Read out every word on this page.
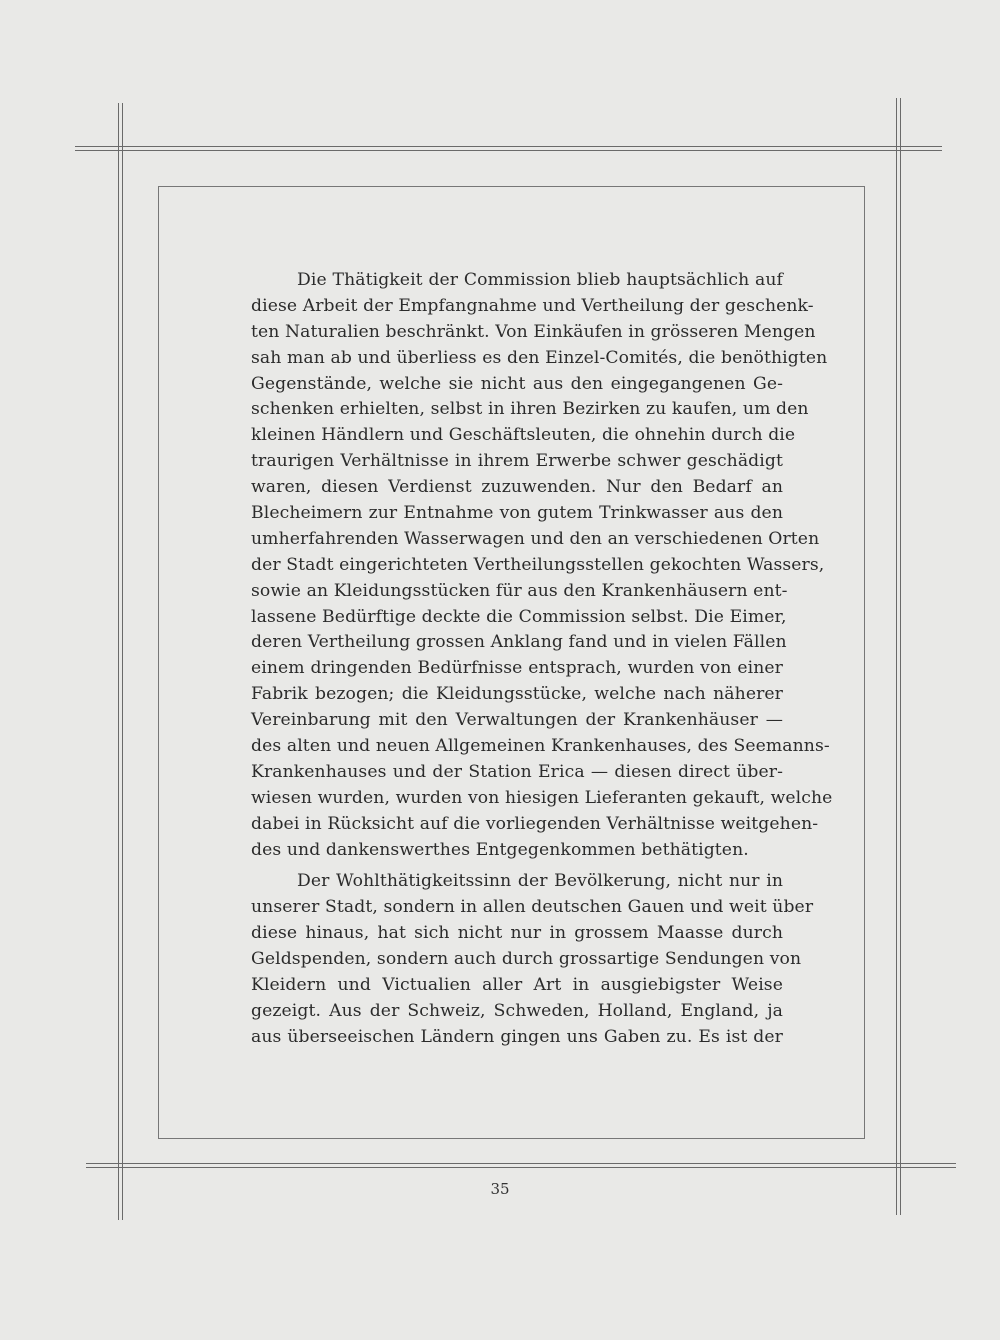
Die Thätigkeit der Commission blieb hauptsächlich auf
diese Arbeit der Empfangnahme und Vertheilung der geschenk-
ten Naturalien beschränkt. Von Einkäufen in grösseren Mengen
sah man ab und überliess es den Einzel-Comités, die benöthigten
Gegenstände, welche sie nicht aus den eingegangenen Ge-
schenken erhielten, selbst in ihren Bezirken zu kaufen, um den
kleinen Händlern und Geschäftsleuten, die ohnehin durch die
traurigen Verhältnisse in ihrem Erwerbe schwer geschädigt
waren, diesen Verdienst zuzuwenden. Nur den Bedarf an
Blecheimern zur Entnahme von gutem Trinkwasser aus den
umherfahrenden Wasserwagen und den an verschiedenen Orten
der Stadt eingerichteten Vertheilungsstellen gekochten Wassers,
sowie an Kleidungsstücken für aus den Krankenhäusern ent-
lassene Bedürftige deckte die Commission selbst. Die Eimer,
deren Vertheilung grossen Anklang fand und in vielen Fällen
einem dringenden Bedürfnisse entsprach, wurden von einer
Fabrik bezogen; die Kleidungsstücke, welche nach näherer
Vereinbarung mit den Verwaltungen der Krankenhäuser —
des alten und neuen Allgemeinen Krankenhauses, des Seemanns-
Krankenhauses und der Station Erica — diesen direct über-
wiesen wurden, wurden von hiesigen Lieferanten gekauft, welche
dabei in Rücksicht auf die vorliegenden Verhältnisse weitgehen-
des und dankenswerthes Entgegenkommen bethätigten.
Der Wohlthätigkeitssinn der Bevölkerung, nicht nur in
unserer Stadt, sondern in allen deutschen Gauen und weit über
diese hinaus, hat sich nicht nur in grossem Maasse durch
Geldspenden, sondern auch durch grossartige Sendungen von
Kleidern und Victualien aller Art in ausgiebigster Weise
gezeigt. Aus der Schweiz, Schweden, Holland, England, ja
aus überseeischen Ländern gingen uns Gaben zu. Es ist der
35
